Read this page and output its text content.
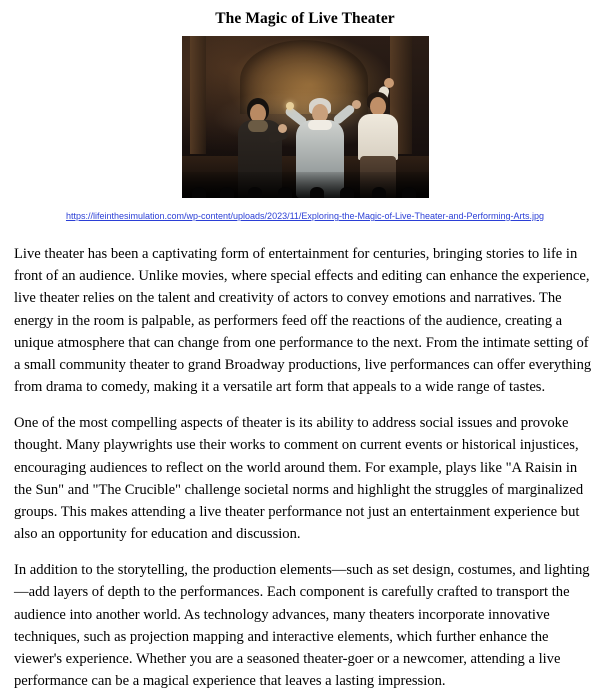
The Magic of Live Theater
https://lifeinthesimulation.com/wp-content/uploads/2023/11/Exploring-the-Magic-of-Live-Theater-and-Performing-Arts.jpg

Live theater has been a captivating form of entertainment for centuries, bringing stories to life in front of an audience. Unlike movies, where special effects and editing can enhance the experience, live theater relies on the talent and creativity of actors to convey emotions and narratives. The energy in the room is palpable, as performers feed off the reactions of the audience, creating a unique atmosphere that can change from one performance to the next. From the intimate setting of a small community theater to grand Broadway productions, live performances can offer everything from drama to comedy, making it a versatile art form that appeals to a wide range of tastes.

One of the most compelling aspects of theater is its ability to address social issues and provoke thought. Many playwrights use their works to comment on current events or historical injustices, encouraging audiences to reflect on the world around them. For example, plays like "A Raisin in the Sun" and "The Crucible" challenge societal norms and highlight the struggles of marginalized groups. This makes attending a live theater performance not just an entertainment experience but also an opportunity for education and discussion.

In addition to the storytelling, the production elements—such as set design, costumes, and lighting—add layers of depth to the performances. Each component is carefully crafted to transport the audience into another world. As technology advances, many theaters incorporate innovative techniques, such as projection mapping and interactive elements, which further enhance the viewer's experience. Whether you are a seasoned theater-goer or a newcomer, attending a live performance can be a magical experience that leaves a lasting impression.
